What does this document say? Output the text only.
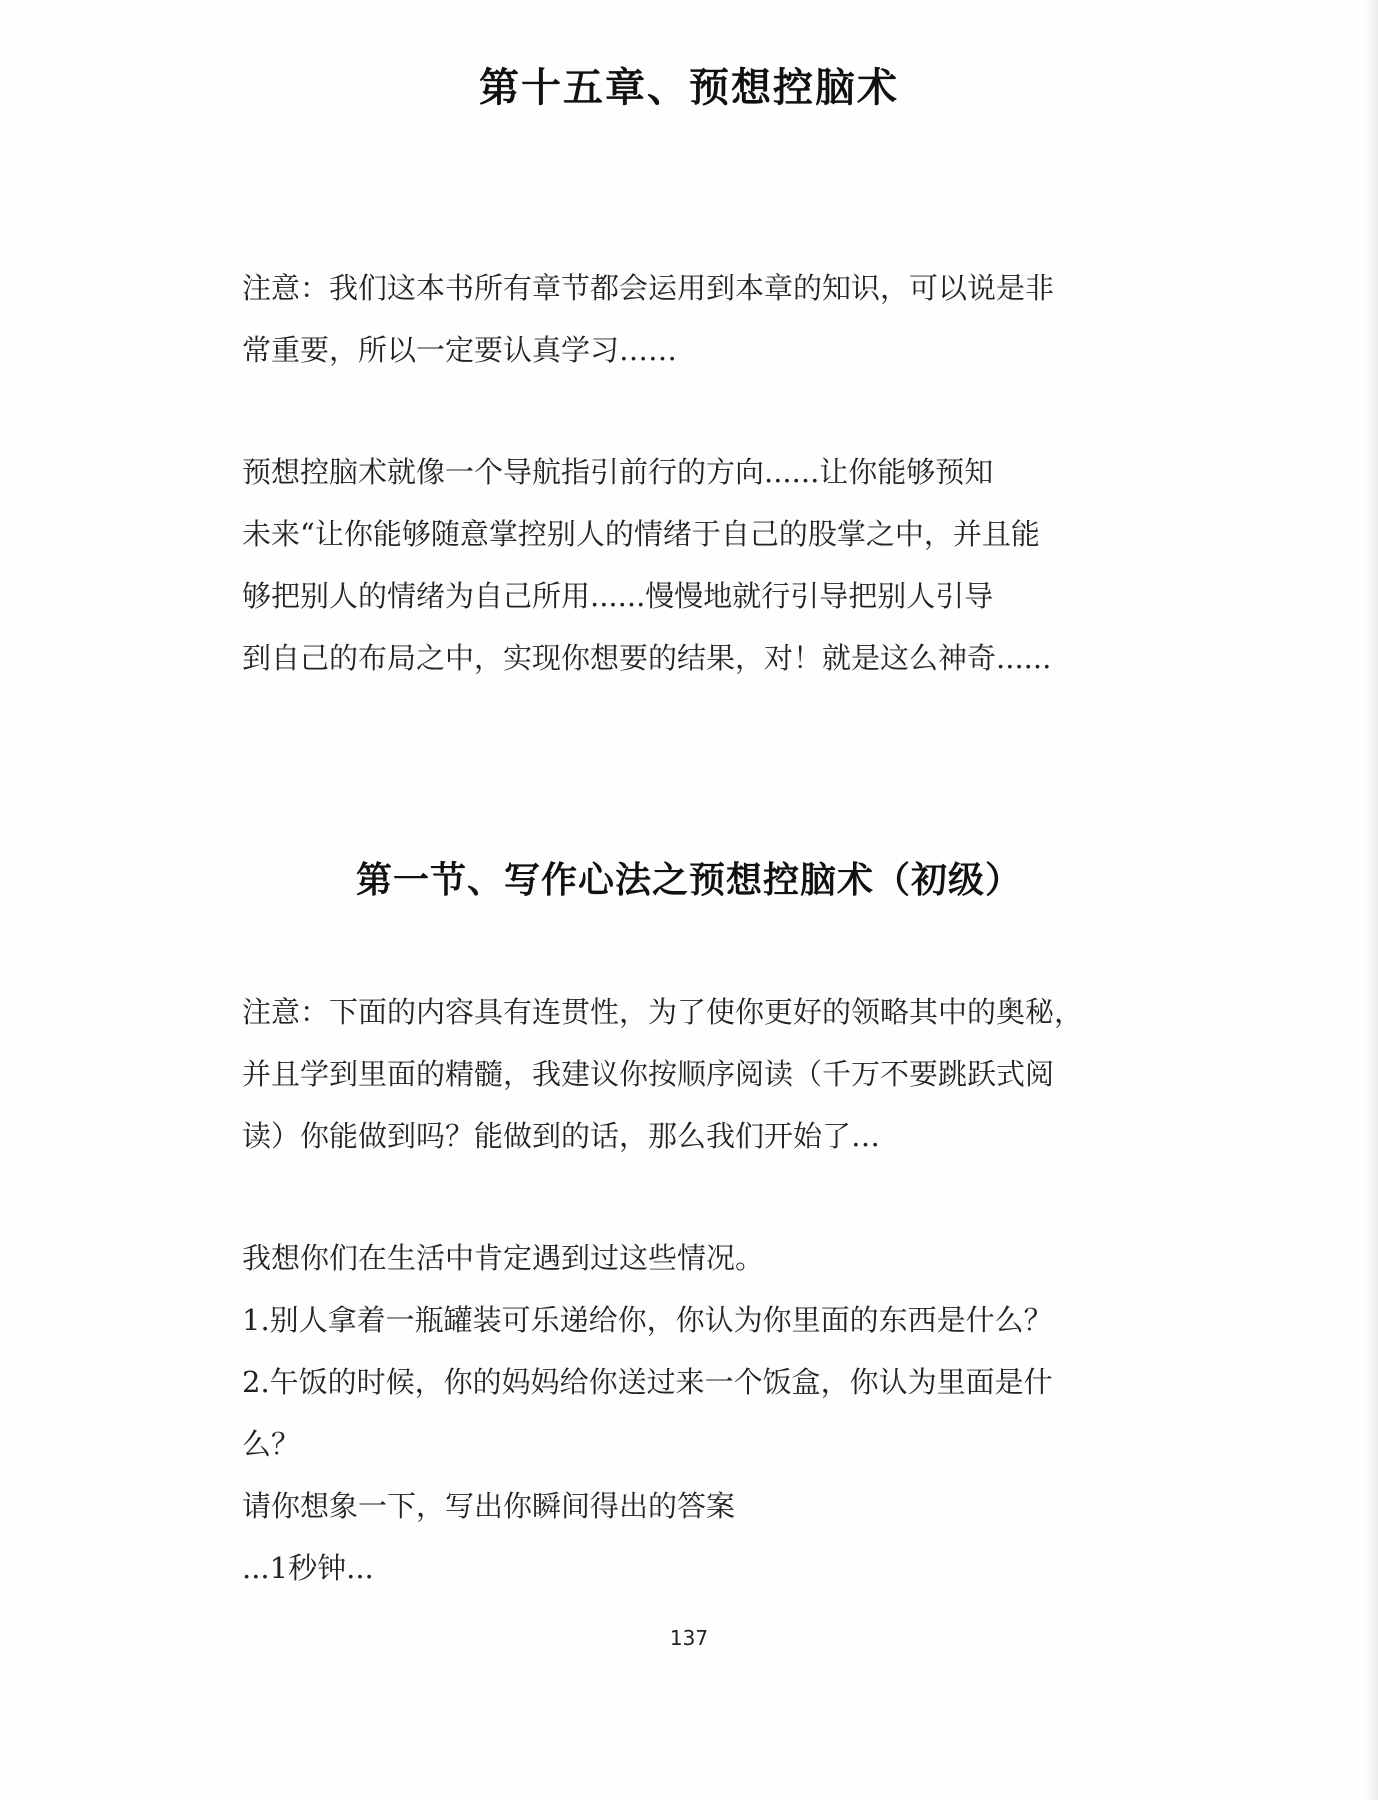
第十五章、预想控脑术

注意：我们这本书所有章节都会运用到本章的知识，可以说是非

常重要，所以一定要认真学习……

预想控脑术就像一个导航指引前行的方向......让你能够预知

未来“让你能够随意掌控别人的情绪于自己的股掌之中，并且能

够把别人的情绪为自己所用......慢慢地就行引导把别人引导

到自己的布局之中，实现你想要的结果，对！就是这么神奇......

第一节、写作心法之预想控脑术（初级）

注意：下面的内容具有连贯性，为了使你更好的领略其中的奥秘，

并且学到里面的精髓，我建议你按顺序阅读（千万不要跳跃式阅

读）你能做到吗？能做到的话，那么我们开始了…

我想你们在生活中肯定遇到过这些情况。

1.别人拿着一瓶罐装可乐递给你，你认为你里面的东西是什么？

2.午饭的时候，你的妈妈给你送过来一个饭盒，你认为里面是什

么？

请你想象一下，写出你瞬间得出的答案

...1秒钟...

137
